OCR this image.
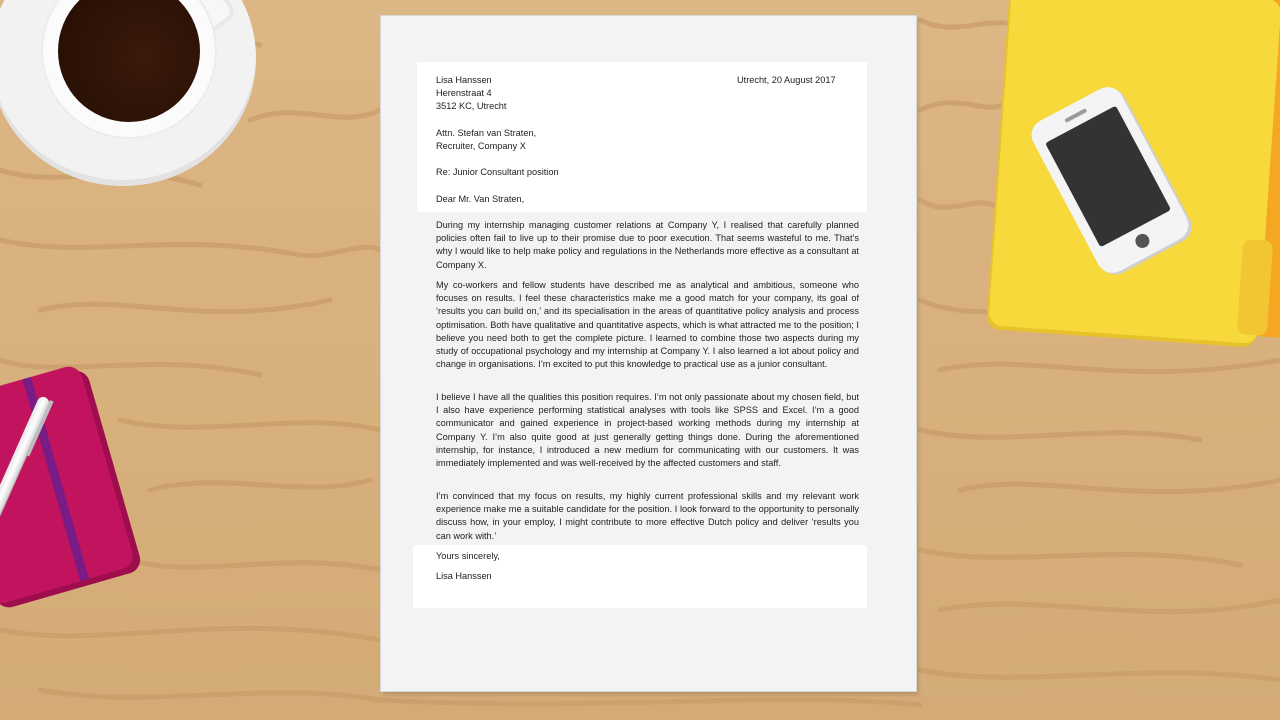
Lisa Hanssen

Herenstraat 4

3512 KC, Utrecht

Utrecht, 20 August 2017

Attn. Stefan van Straten,

Recruiter, Company X

Re: Junior Consultant position

Dear Mr. Van Straten,

During my internship managing customer relations at Company Y, I realised that carefully planned policies often fail to live up to their promise due to poor execution. That seems wasteful to me. That’s why I would like to help make policy and regulations in the Netherlands more effective as a consultant at Company X.

My co-workers and fellow students have described me as analytical and ambitious, someone who focuses on results. I feel these characteristics make me a good match for your company, its goal of ‘results you can build on,’ and its specialisation in the areas of quantitative policy analysis and process optimisation. Both have qualitative and quantitative aspects, which is what attracted me to the position; I believe you need both to get the complete picture. I learned to combine those two aspects during my study of occupational psychology and my internship at Company Y. I also learned a lot about policy and change in organisations. I’m excited to put this knowledge to practical use as a junior consultant.

I believe I have all the qualities this position requires. I’m not only passionate about my chosen field, but I also have experience performing statistical analyses with tools like SPSS and Excel. I’m a good communicator and gained experience in project-based working methods during my internship at Company Y. I’m also quite good at just generally getting things done. During the aforementioned internship, for instance, I introduced a new medium for communicating with our customers. It was immediately implemented and was well-received by the affected customers and staff.

I’m convinced that my focus on results, my highly current professional skills and my relevant work experience make me a suitable candidate for the position. I look forward to the opportunity to personally discuss how, in your employ, I might contribute to more effective Dutch policy and deliver ‘results you can work with.’

Yours sincerely,

Lisa Hanssen
